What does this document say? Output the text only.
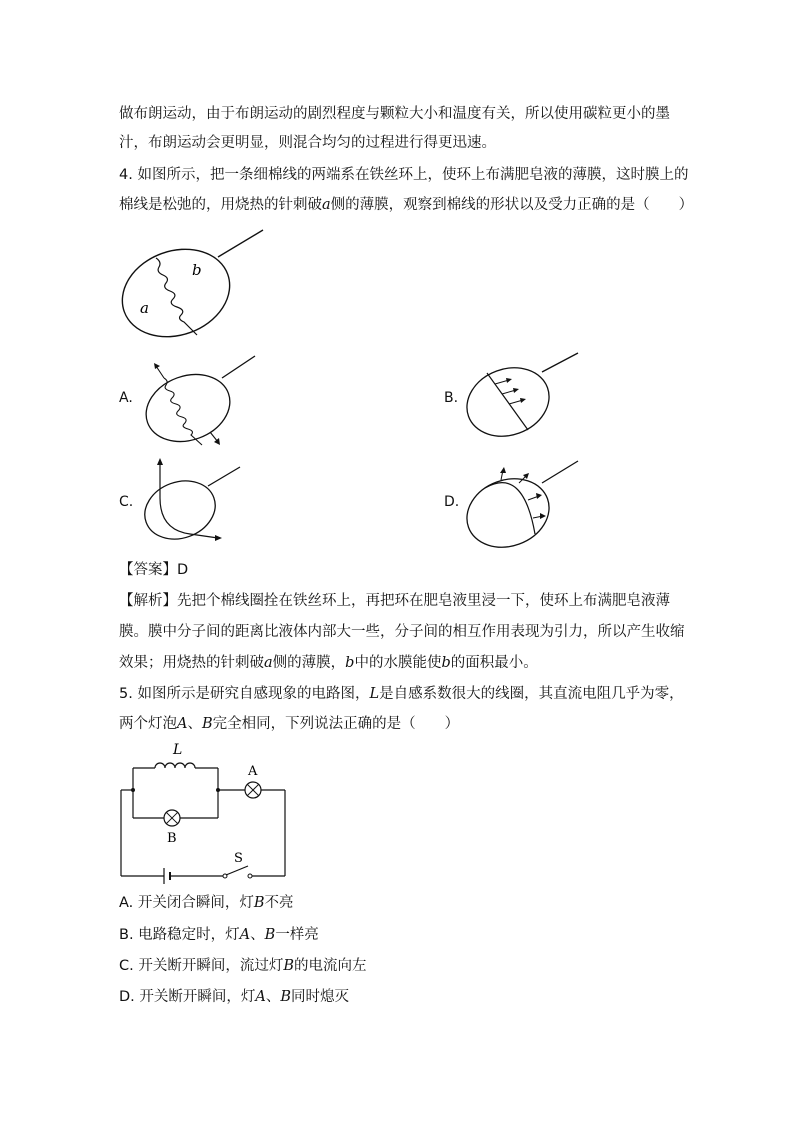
做布朗运动，由于布朗运动的剧烈程度与颗粒大小和温度有关，所以使用碳粒更小的墨
汁，布朗运动会更明显，则混合均匀的过程进行得更迅速。
4. 如图所示，把一条细棉线的两端系在铁丝环上，使环上布满肥皂液的薄膜，这时膜上的
棉线是松弛的，用烧热的针刺破a侧的薄膜，观察到棉线的形状以及受力正确的是（　　）
b
a
A.	B.
C.	D.
【答案】D
【解析】先把个棉线圈拴在铁丝环上，再把环在肥皂液里浸一下，使环上布满肥皂液薄
膜。膜中分子间的距离比液体内部大一些，分子间的相互作用表现为引力，所以产生收缩
效果；用烧热的针刺破a侧的薄膜，b中的水膜能使b的面积最小。
5. 如图所示是研究自感现象的电路图，L是自感系数很大的线圈，其直流电阻几乎为零，
两个灯泡A、B完全相同，下列说法正确的是（　　）
L
B
A
S
A. 开关闭合瞬间，灯B不亮
B. 电路稳定时，灯A、B一样亮
C. 开关断开瞬间，流过灯B的电流向左
D. 开关断开瞬间，灯A、B同时熄灭
